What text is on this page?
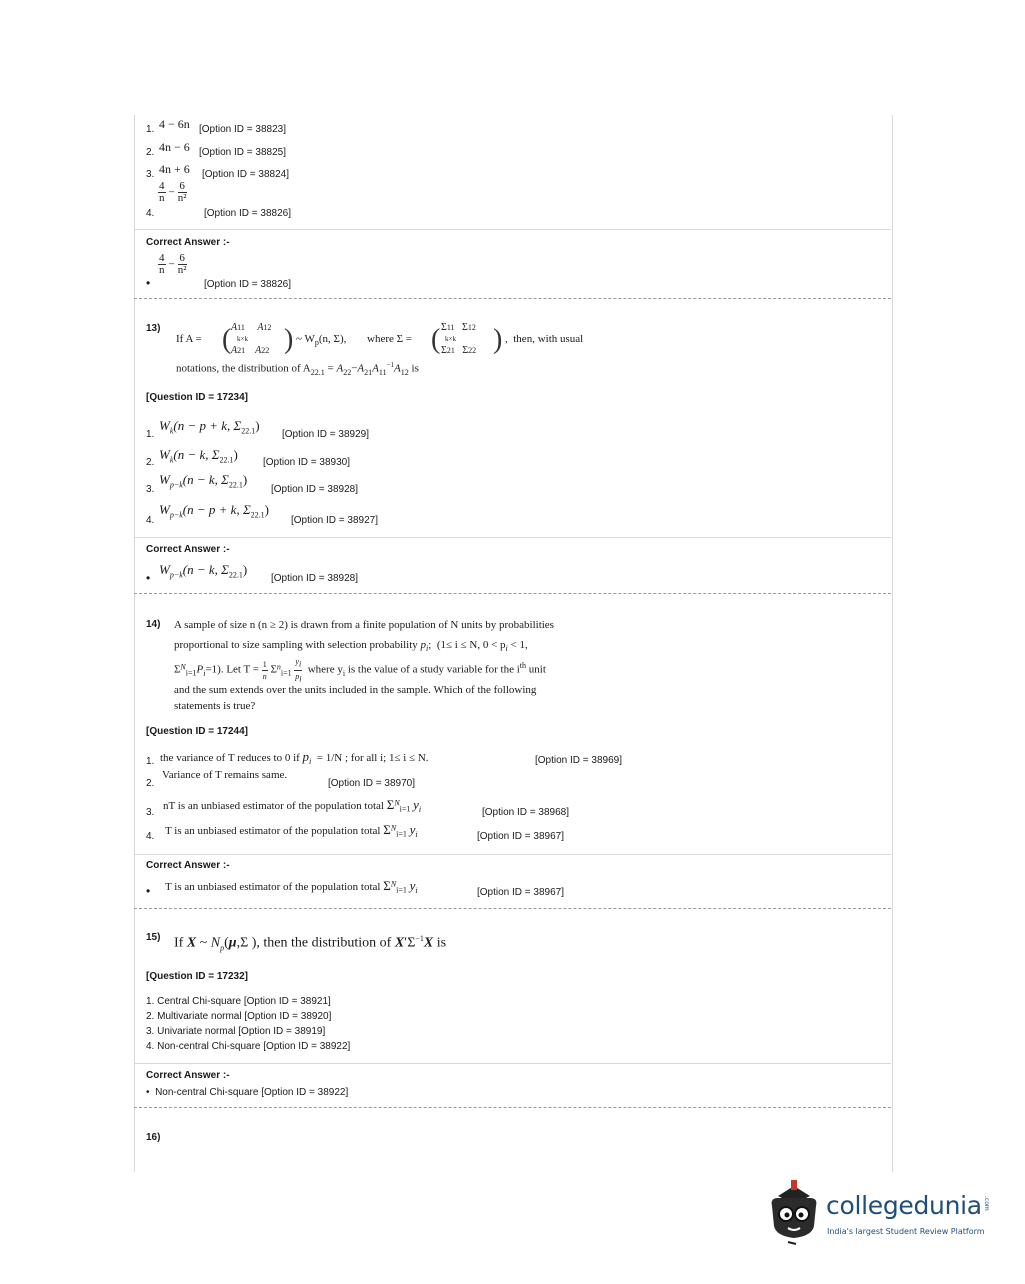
1. 4 − 6n [Option ID = 38823]
2. 4n − 6 [Option ID = 38825]
3. 4n + 6 [Option ID = 38824]
4.
$\frac{4}{n} - \frac{6}{\text{n²}}$
[Option ID = 38826]
Correct Answer :-
•
$\frac{4}{n} - \frac{6}{\text{n²}}$
[Option ID = 38826]
13)
If A = ( A11 A12
k×k
A21 A22 ) ~ $W_p(n$, Σ), where Σ = ( Σ11   Σ12
k×k
Σ21   Σ22 ) ,  then, with usual
notations, the distribution of $A_{22.1} = A_{22}-A_{21}A_{11}^{-1}A_{12}$ is
[Question ID = 17234]
1.
$W_k(n - p + k$, $\Sigma_{22.1}$)
[Option ID = 38929]
2.
$W_k(n - k$, $\Sigma_{22.1}$)
[Option ID = 38930]
3.
$W_{p-k}(n - k$, $\Sigma_{22.1}$)
[Option ID = 38928]
4.
$W_{p-k}(n - p + k$, $\Sigma_{22.1}$)
[Option ID = 38927]
Correct Answer :-
•
$W_{p-k}(n - k$, $\Sigma_{22.1}$)
[Option ID = 38928]
14) A sample of size n (n ≥ 2) is drawn from a finite population of N units by probabilities
proportional to size sampling with selection probability $p_i$;  (1≤ i ≤ N, $0 < p_i < 1$,
$\Sigma^N_{i=1}P_i=1$). Let $T = \frac{1}{n} \Sigma^n_{i=1} \frac{y_i}{p_i}$ where $y_i$ is the value of a study variable for the $i^{th}$ unit
and the sum extends over the units included in the sample. Which of the following
statements is true?
[Question ID = 17244]
1. the variance of T reduces to 0 if $p_i = 1/N$ ; for all i; 1≤ i ≤ N.	[Option ID = 38969]
2.
Variance of T remains same.
[Option ID = 38970]
3.
nT is an unbiased estimator of the population total $\Sigma^N_{i=1}$ $y_i$	[Option ID = 38968]
4. T is an unbiased estimator of the population total $\Sigma^N_{i=1}$ $y_i$	[Option ID = 38967]
Correct Answer :-
• T is an unbiased estimator of the population total $\Sigma^N_{i=1}$ $y_i$	[Option ID = 38967]
15) If X ~ $N_p(\mu,\Sigma$ ), then the distribution of $X'\Sigma^{-1}X$ is
[Question ID = 17232]
1. Central Chi-square [Option ID = 38921]
2. Multivariate normal [Option ID = 38920]
3. Univariate normal [Option ID = 38919]
4. Non-central Chi-square [Option ID = 38922]
Correct Answer :-
•  Non-central Chi-square [Option ID = 38922]
16)
collegedunia .com
India's largest Student Review Platform
